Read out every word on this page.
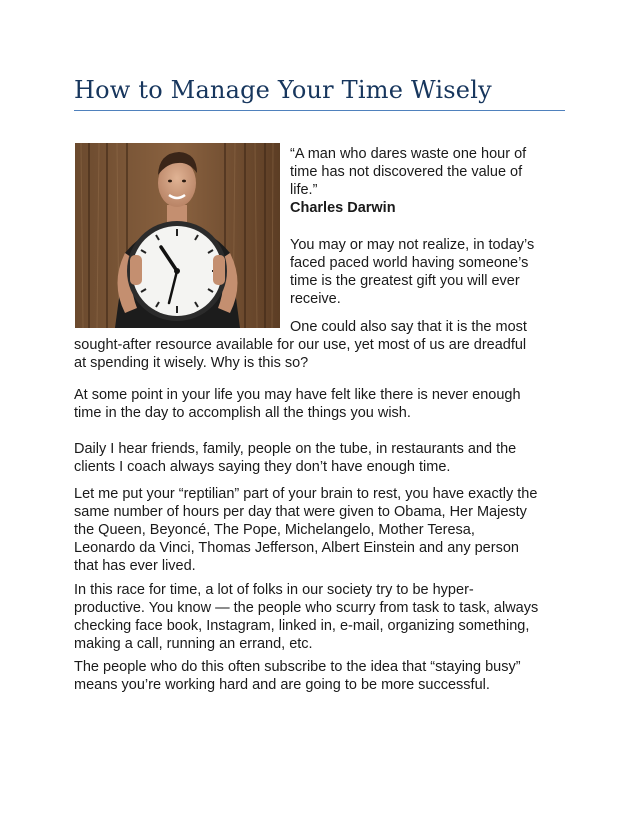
How to Manage Your Time Wisely

“A man who dares waste one hour of

time has not discovered the value of

life.”

Charles Darwin

You may or may not realize, in today’s

faced paced world having someone’s

time is the greatest gift you will ever

receive.

One could also say that it is the most
sought-after resource available for our use, yet most of us are dreadful
at spending it wisely. Why is this so?
At some point in your life you may have felt like there is never enough
time in the day to accomplish all the things you wish.
Daily I hear friends, family, people on the tube, in restaurants and the
clients I coach always saying they don’t have enough time.
Let me put your “reptilian” part of your brain to rest, you have exactly the
same number of hours per day that were given to Obama, Her Majesty
the Queen, Beyoncé, The Pope, Michelangelo, Mother Teresa,
Leonardo da Vinci, Thomas Jefferson, Albert Einstein and any person
that has ever lived.
In this race for time, a lot of folks in our society try to be hyper-
productive. You know — the people who scurry from task to task, always
checking face book, Instagram, linked in, e-mail, organizing something,
making a call, running an errand, etc.
The people who do this often subscribe to the idea that “staying busy”
means you’re working hard and are going to be more successful.
